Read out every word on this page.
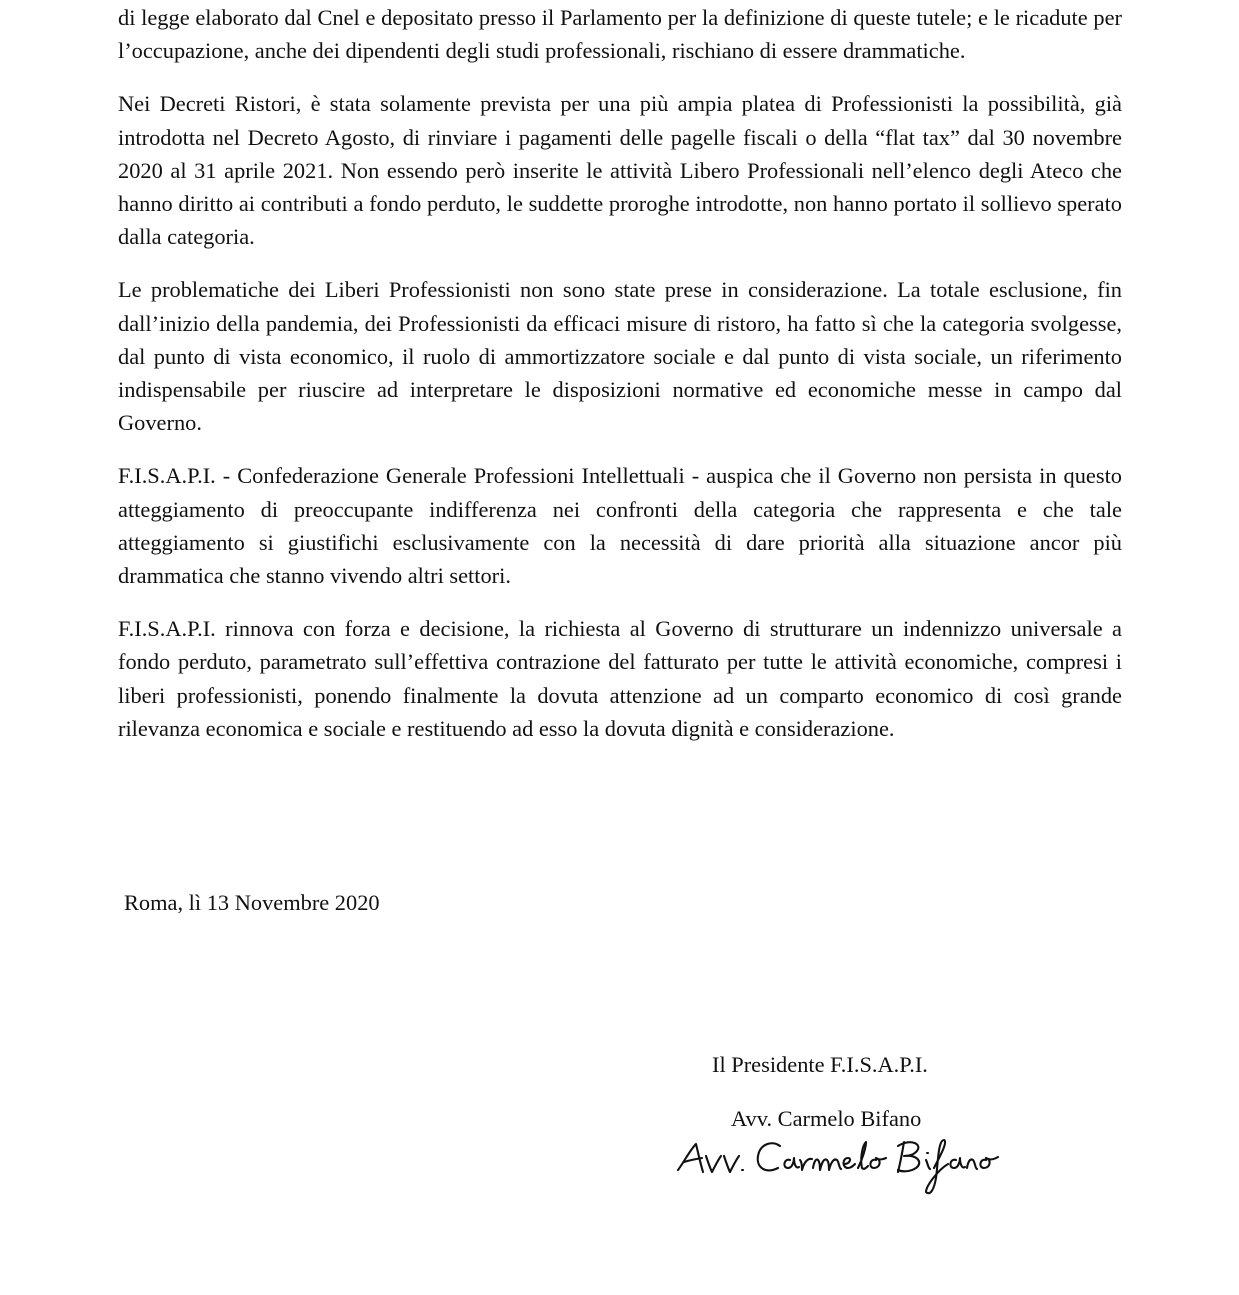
di legge elaborato dal Cnel e depositato presso il Parlamento per la definizione di queste tutele; e le ricadute per l’occupazione, anche dei dipendenti degli studi professionali, rischiano di essere drammatiche.

Nei Decreti Ristori, è stata solamente prevista per una più ampia platea di Professionisti la possibilità, già introdotta nel Decreto Agosto, di rinviare i pagamenti delle pagelle fiscali o della “flat tax” dal 30 novembre 2020 al 31 aprile 2021. Non essendo però inserite le attività Libero Professionali nell’elenco degli Ateco che hanno diritto ai contributi a fondo perduto, le suddette proroghe introdotte, non hanno portato il sollievo sperato dalla categoria.

Le problematiche dei Liberi Professionisti non sono state prese in considerazione. La totale esclusione, fin dall’inizio della pandemia, dei Professionisti da efficaci misure di ristoro, ha fatto sì che la categoria svolgesse, dal punto di vista economico, il ruolo di ammortizzatore sociale e dal punto di vista sociale, un riferimento indispensabile per riuscire ad interpretare le disposizioni normative ed economiche messe in campo dal Governo.

F.I.S.A.P.I. - Confederazione Generale Professioni Intellettuali - auspica che il Governo non persista in questo atteggiamento di preoccupante indifferenza nei confronti della categoria che rappresenta e che tale atteggiamento si giustifichi esclusivamente con la necessità di dare priorità alla situazione ancor più drammatica che stanno vivendo altri settori.

F.I.S.A.P.I. rinnova con forza e decisione, la richiesta al Governo di strutturare un indennizzo universale a fondo perduto, parametrato sull’effettiva contrazione del fatturato per tutte le attività economiche, compresi i liberi professionisti, ponendo finalmente la dovuta attenzione ad un comparto economico di così grande rilevanza economica e sociale e restituendo ad esso la dovuta dignità e considerazione.

Roma, lì 13 Novembre 2020
Il Presidente F.I.S.A.P.I.
Avv. Carmelo Bifano
